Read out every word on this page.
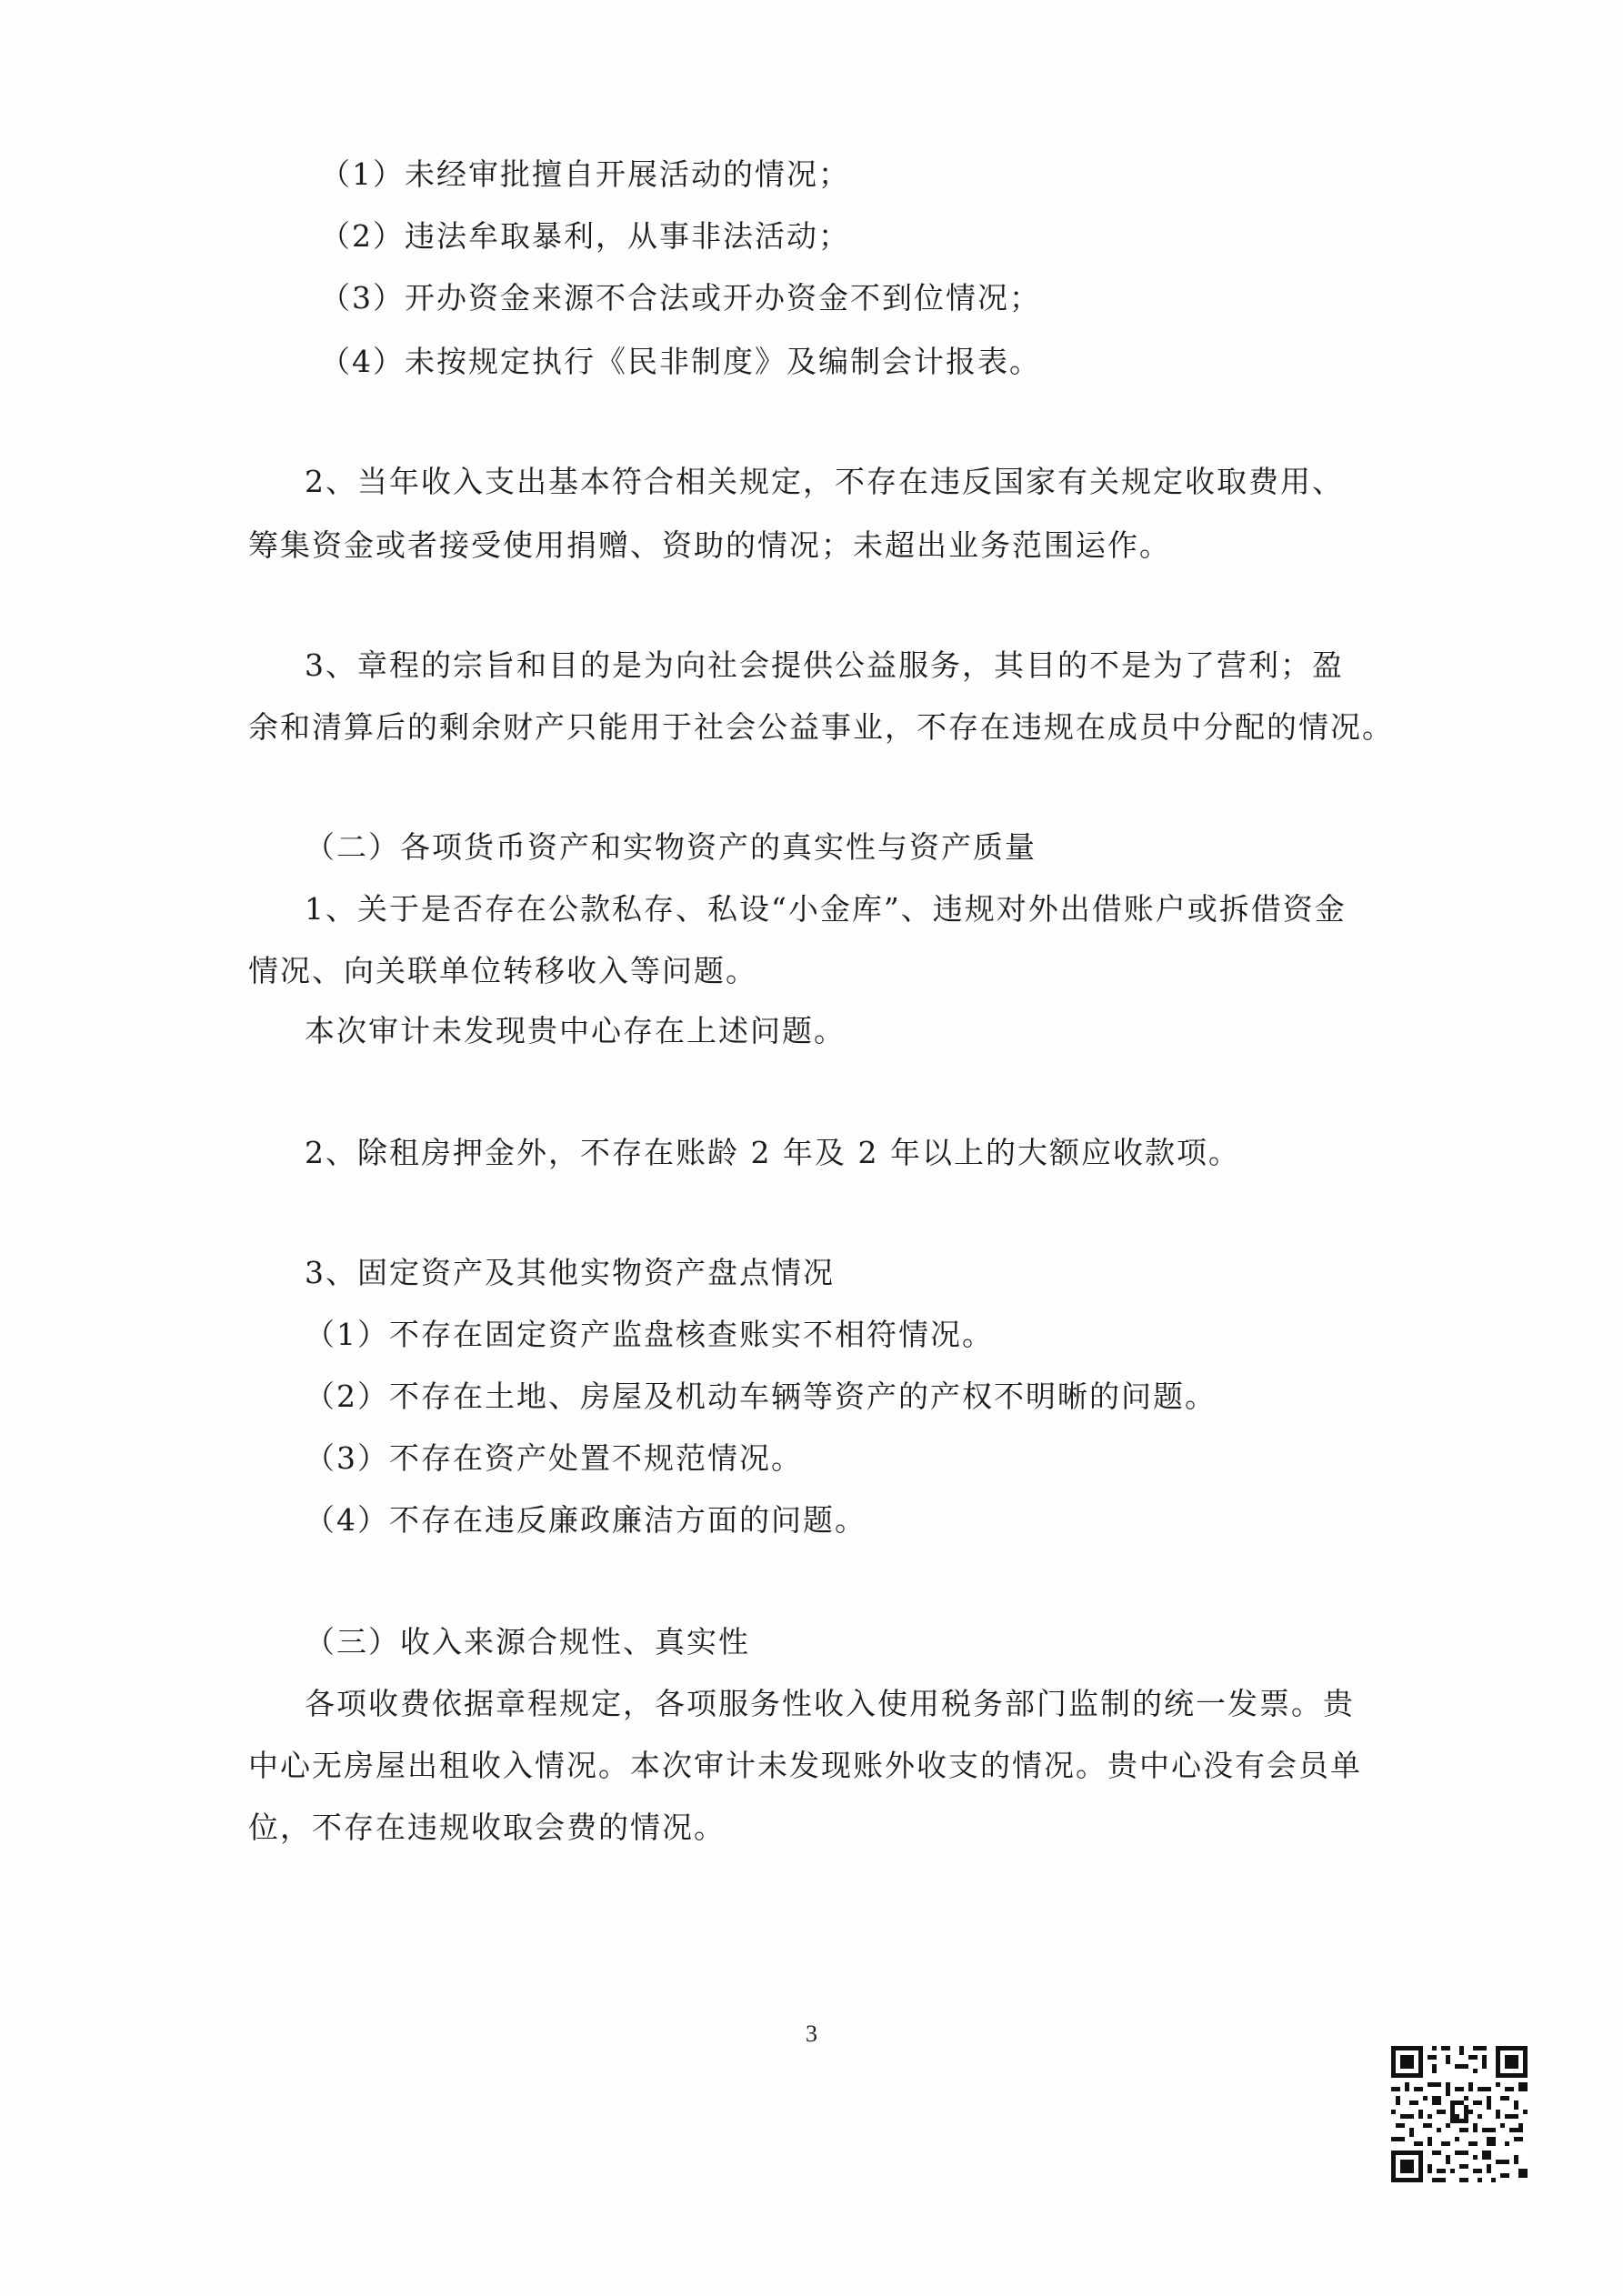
（1）未经审批擅自开展活动的情况；
（2）违法牟取暴利，从事非法活动；
（3）开办资金来源不合法或开办资金不到位情况；
（4）未按规定执行《民非制度》及编制会计报表。
2、当年收入支出基本符合相关规定，不存在违反国家有关规定收取费用、
筹集资金或者接受使用捐赠、资助的情况；未超出业务范围运作。
3、章程的宗旨和目的是为向社会提供公益服务，其目的不是为了营利；盈
余和清算后的剩余财产只能用于社会公益事业，不存在违规在成员中分配的情况。
（二）各项货币资产和实物资产的真实性与资产质量
1、关于是否存在公款私存、私设“小金库”、违规对外出借账户或拆借资金
情况、向关联单位转移收入等问题。
本次审计未发现贵中心存在上述问题。
2、除租房押金外，不存在账龄 2 年及 2 年以上的大额应收款项。
3、固定资产及其他实物资产盘点情况
（1）不存在固定资产监盘核查账实不相符情况。
（2）不存在土地、房屋及机动车辆等资产的产权不明晰的问题。
（3）不存在资产处置不规范情况。
（4）不存在违反廉政廉洁方面的问题。
（三）收入来源合规性、真实性
各项收费依据章程规定，各项服务性收入使用税务部门监制的统一发票。贵
中心无房屋出租收入情况。本次审计未发现账外收支的情况。贵中心没有会员单
位，不存在违规收取会费的情况。
3
